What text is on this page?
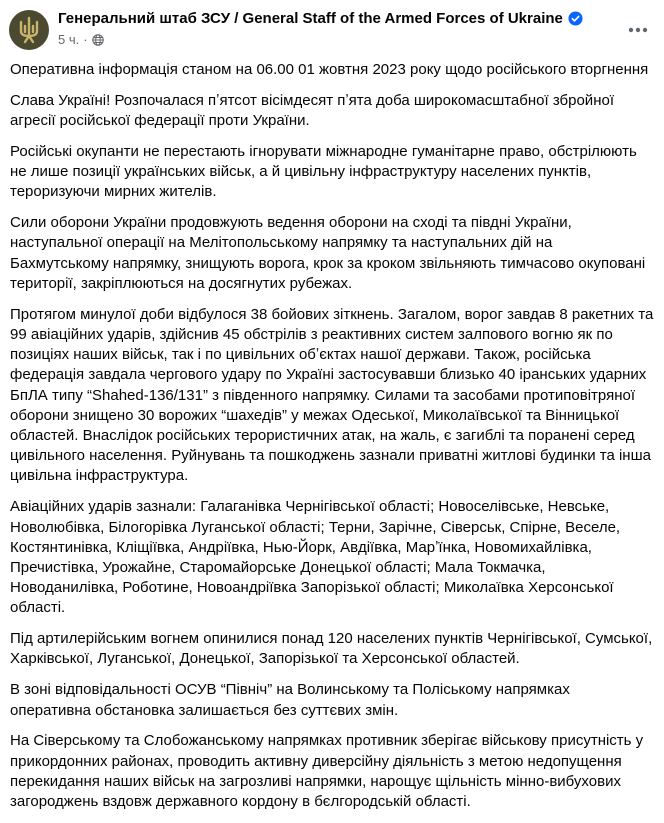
Генеральний штаб ЗСУ / General Staff of the Armed Forces of Ukraine
5 ч. ·

Оперативна інформація станом на 06.00 01 жовтня 2023 року щодо російського вторгнення

Слава Україні! Розпочалася пʼятсот вісімдесят пʼята доба широкомасштабної збройної агресії російської федерації проти України.

Російські окупанти не перестають ігнорувати міжнародне гуманітарне право, обстрілюють не лише позиції українських військ, а й цивільну інфраструктуру населених пунктів, тероризуючи мирних жителів.

Сили оборони України продовжують ведення оборони на сході та півдні України, наступальної операції на Мелітопольському напрямку та наступальних дій на Бахмутському напрямку, знищують ворога, крок за кроком звільняють тимчасово окуповані території, закріплюються на досягнутих рубежах.

Протягом минулої доби відбулося 38 бойових зіткнень. Загалом, ворог завдав 8 ракетних та 99 авіаційних ударів, здійснив 45 обстрілів з реактивних систем залпового вогню як по позиціях наших військ, так і по цивільних обʼєктах нашої держави. Також, російська федерація завдала чергового удару по Україні застосувавши близько 40 іранських ударних БпЛА типу “Shahed-136/131” з південного напрямку. Силами та засобами протиповітряної оборони знищено 30 ворожих “шахедів” у межах Одеської, Миколаївської та Вінницької областей. Внаслідок російських терористичних атак, на жаль, є загиблі та поранені серед цивільного населення. Руйнувань та пошкоджень зазнали приватні житлові будинки та інша цивільна інфраструктура.

Авіаційних ударів зазнали: Галаганівка Чернігівської області; Новоселівське, Невське, Новолюбівка, Білогорівка Луганської області; Терни, Зарічне, Сіверськ, Спірне, Веселе, Костянтинівка, Кліщіївка, Андріївка, Нью-Йорк, Авдіївка, Марʼїнка, Новомихайлівка, Пречистівка, Урожайне, Старомайорське Донецької області; Мала Токмачка, Новоданилівка, Роботине, Новоандріївка Запорізької області; Миколаївка Херсонської області.

Під артилерійським вогнем опинилися понад 120 населених пунктів Чернігівської, Сумської, Харківської, Луганської, Донецької, Запорізької та Херсонської областей.

В зоні відповідальності ОСУВ “Північ” на Волинському та Поліському напрямках оперативна обстановка залишається без суттєвих змін.

На Сіверському та Слобожанському напрямках противник зберігає військову присутність у прикордонних районах, проводить активну диверсійну діяльність з метою недопущення перекидання наших військ на загрозливі напрямки, нарощує щільність мінно-вибухових загороджень вздовж державного кордону в бєлгородській області.
